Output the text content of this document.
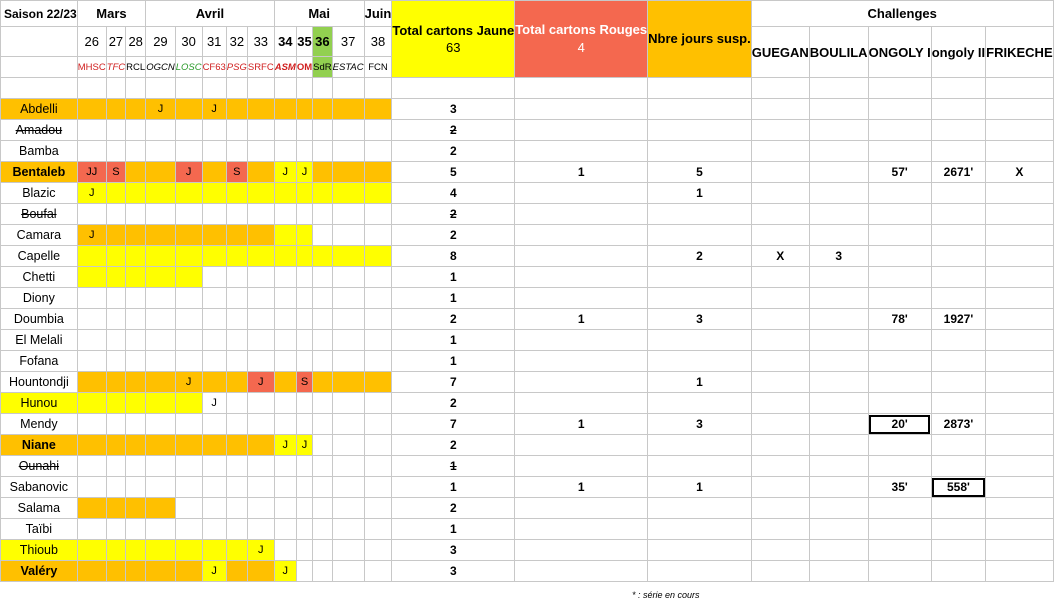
Saison 22/23	Mars			Avril					Mai				Juin	Total cartons Jaune
63	Total cartons Rouges
4	Nbre jours susp.	Challenges				
	26	27	28	29	30	31	32	33	34	35	36	37	38				GUEGAN	BOULILA	ONGOLY I	ongoly II	FRIKECHE
	MHSC	TFC	RCL	OGCN	LOSC	CF63	PSG	SRFC	ASM	OM	SdR	ESTAC	FCN								

Abdelli				J		J								3							
Amadou														2							
Bamba														2							
Bentaleb	JJ	S			J		S		J	J				5	1	5			57'	2671'	X
Blazic	J													4		1					
Boufal														2							
Camara	J													2							
Capelle														8		2	X	3			
Chetti														1							
Diony														1							
Doumbia														2	1	3			78'	1927'	
El Melali														1							
Fofana														1							
Hountondji					J			J		S				7		1					
Hunou						J								2							
Mendy														7	1	3			20'	2873'	
Niane									J	J				2							
Ounahi														1							
Sabanovic														1	1	1			35'	558'	
Salama														2							
Taïbi														1							
Thioub								J						3							
Valéry						J			J					3							
* : série en cours
